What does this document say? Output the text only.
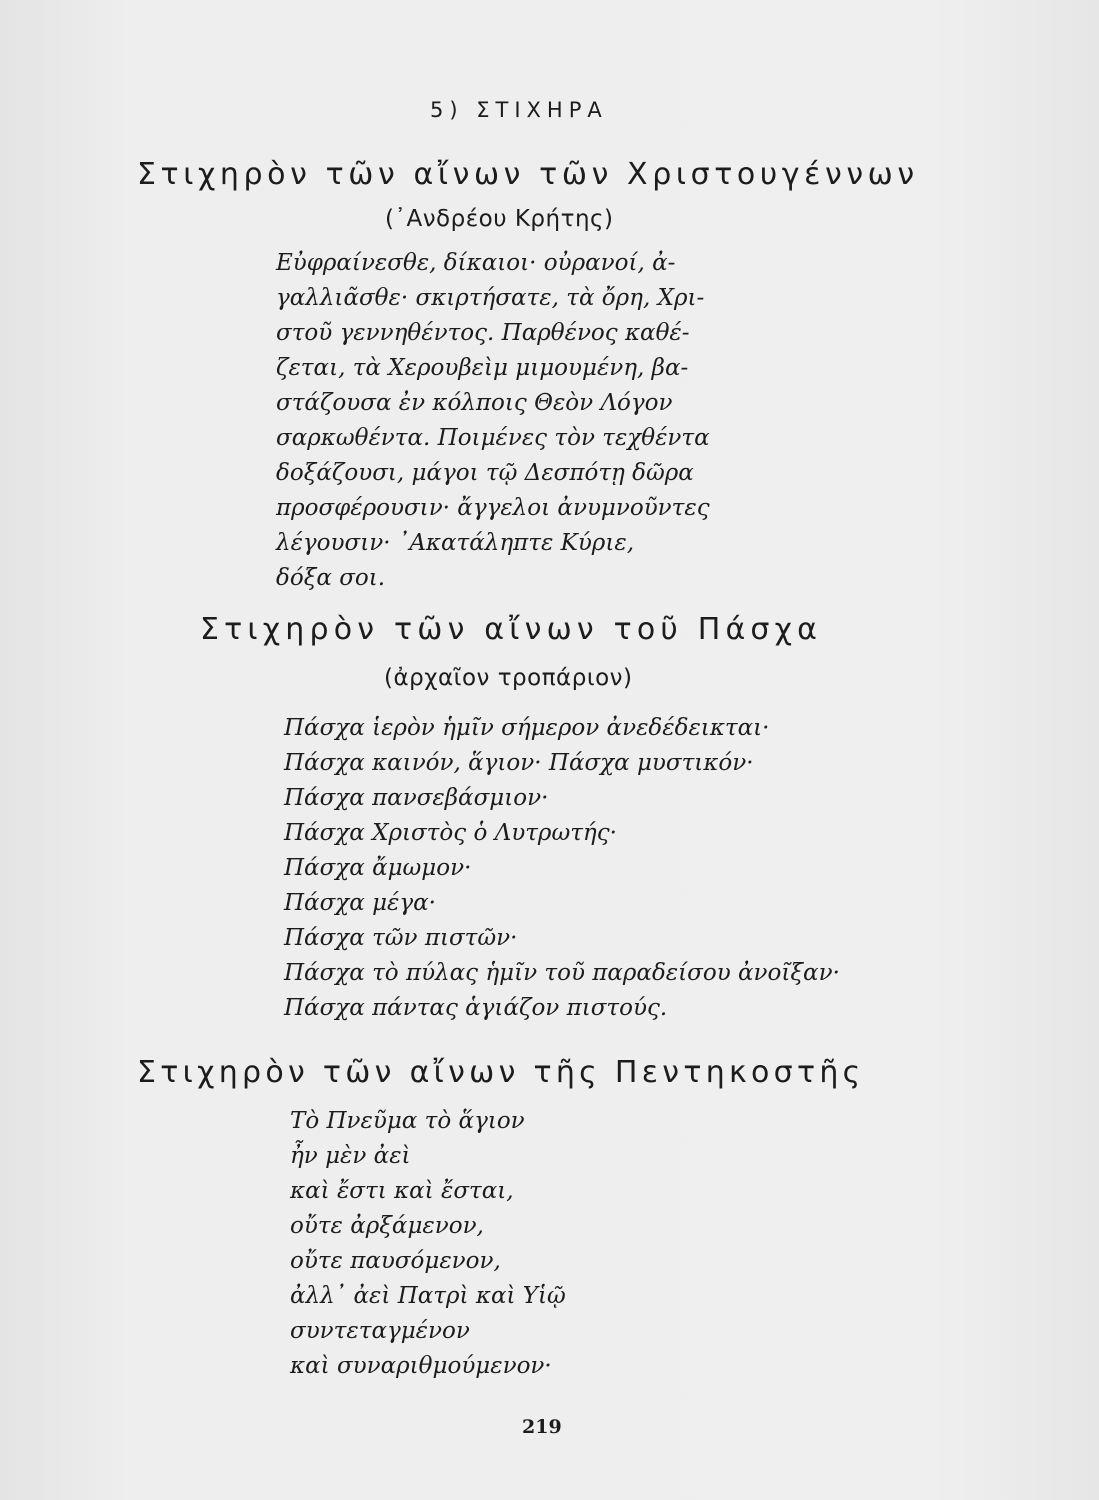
5) ΣΤΙΧΗΡΑ
Στιχηρὸν τῶν αἴνων τῶν Χριστουγέννων
(᾿Ανδρέου Κρήτης)
Εὐφραίνεσθε, δίκαιοι· οὐρανοί, ἀ-
γαλλιᾶσθε· σκιρτήσατε, τὰ ὄρη, Χρι-
στοῦ γεννηθέντος. Παρθένος καθέ-
ζεται, τὰ Χερουβεὶμ μιμουμένη, βα-
στάζουσα ἐν κόλποις Θεὸν Λόγον
σαρκωθέντα. Ποιμένες τὸν τεχθέντα
δοξάζουσι, μάγοι τῷ Δεσπότῃ δῶρα
προσφέρουσιν· ἄγγελοι ἀνυμνοῦντες
λέγουσιν· ᾿Ακατάληπτε Κύριε,
δόξα σοι.
Στιχηρὸν τῶν αἴνων τοῦ Πάσχα
(ἀρχαῖον τροπάριον)
Πάσχα ἱερὸν ἡμῖν σήμερον ἀνεδέδεικται·
Πάσχα καινόν, ἅγιον· Πάσχα μυστικόν·
Πάσχα πανσεβάσμιον·
Πάσχα Χριστὸς ὁ Λυτρωτής·
Πάσχα ἄμωμον·
Πάσχα μέγα·
Πάσχα τῶν πιστῶν·
Πάσχα τὸ πύλας ἡμῖν τοῦ παραδείσου ἀνοῖξαν·
Πάσχα πάντας ἁγιάζον πιστούς.
Στιχηρὸν τῶν αἴνων τῆς Πεντηκοστῆς
Τὸ Πνεῦμα τὸ ἅγιον
ἦν μὲν ἀεὶ
καὶ ἔστι καὶ ἔσται,
οὔτε ἀρξάμενον,
οὔτε παυσόμενον,
ἀλλ᾿ ἀεὶ Πατρὶ καὶ Υἱῷ
συντεταγμένον
καὶ συναριθμούμενον·
219
